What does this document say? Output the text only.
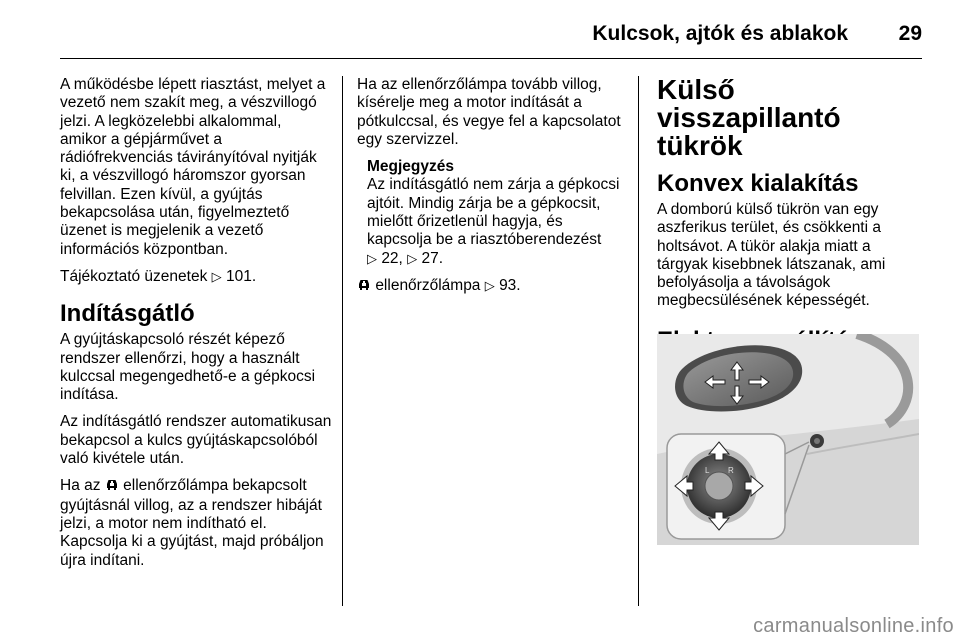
Kulcsok, ajtók és ablakok 29

A működésbe lépett riasztást, melyet a vezető nem szakít meg, a vészvillogó jelzi. A legközelebbi alkalommal, amikor a gépjárművet a rádiófrekvenciás távirányítóval nyitják ki, a vészvillogó háromszor gyorsan felvillan. Ezen kívül, a gyújtás bekapcsolása után, figyelmeztető üzenet is megjelenik a vezető információs központban.

Tájékoztató üzenetek ▷ 101.

Indításgátló

A gyújtáskapcsoló részét képező rendszer ellenőrzi, hogy a használt kulccsal megengedhető-e a gépkocsi indítása.

Az indításgátló rendszer automatikusan bekapcsol a kulcs gyújtáskapcsolóból való kivétele után.

Ha az ellenőrzőlámpa bekapcsolt gyújtásnál villog, az a rendszer hibáját jelzi, a motor nem indítható el. Kapcsolja ki a gyújtást, majd próbáljon újra indítani.

Ha az ellenőrzőlámpa tovább villog, kísérelje meg a motor indítását a pótkulccsal, és vegye fel a kapcsolatot egy szervizzel.

Megjegyzés

Az indításgátló nem zárja a gépkocsi ajtóit. Mindig zárja be a gépkocsit, mielőtt őrizetlenül hagyja, és kapcsolja be a riasztóberendezést
▷ 22, ▷ 27.

ellenőrzőlámpa ▷ 93.

Külső visszapillantó tükrök
Konvex kialakítás

A domború külső tükrön van egy aszferikus terület, és csökkenti a holtsávot. A tükör alakja miatt a tárgyak kisebbnek látszanak, ami befolyásolja a távolságok megbecsülésének képességét.

L R
carmanualsonline.info
